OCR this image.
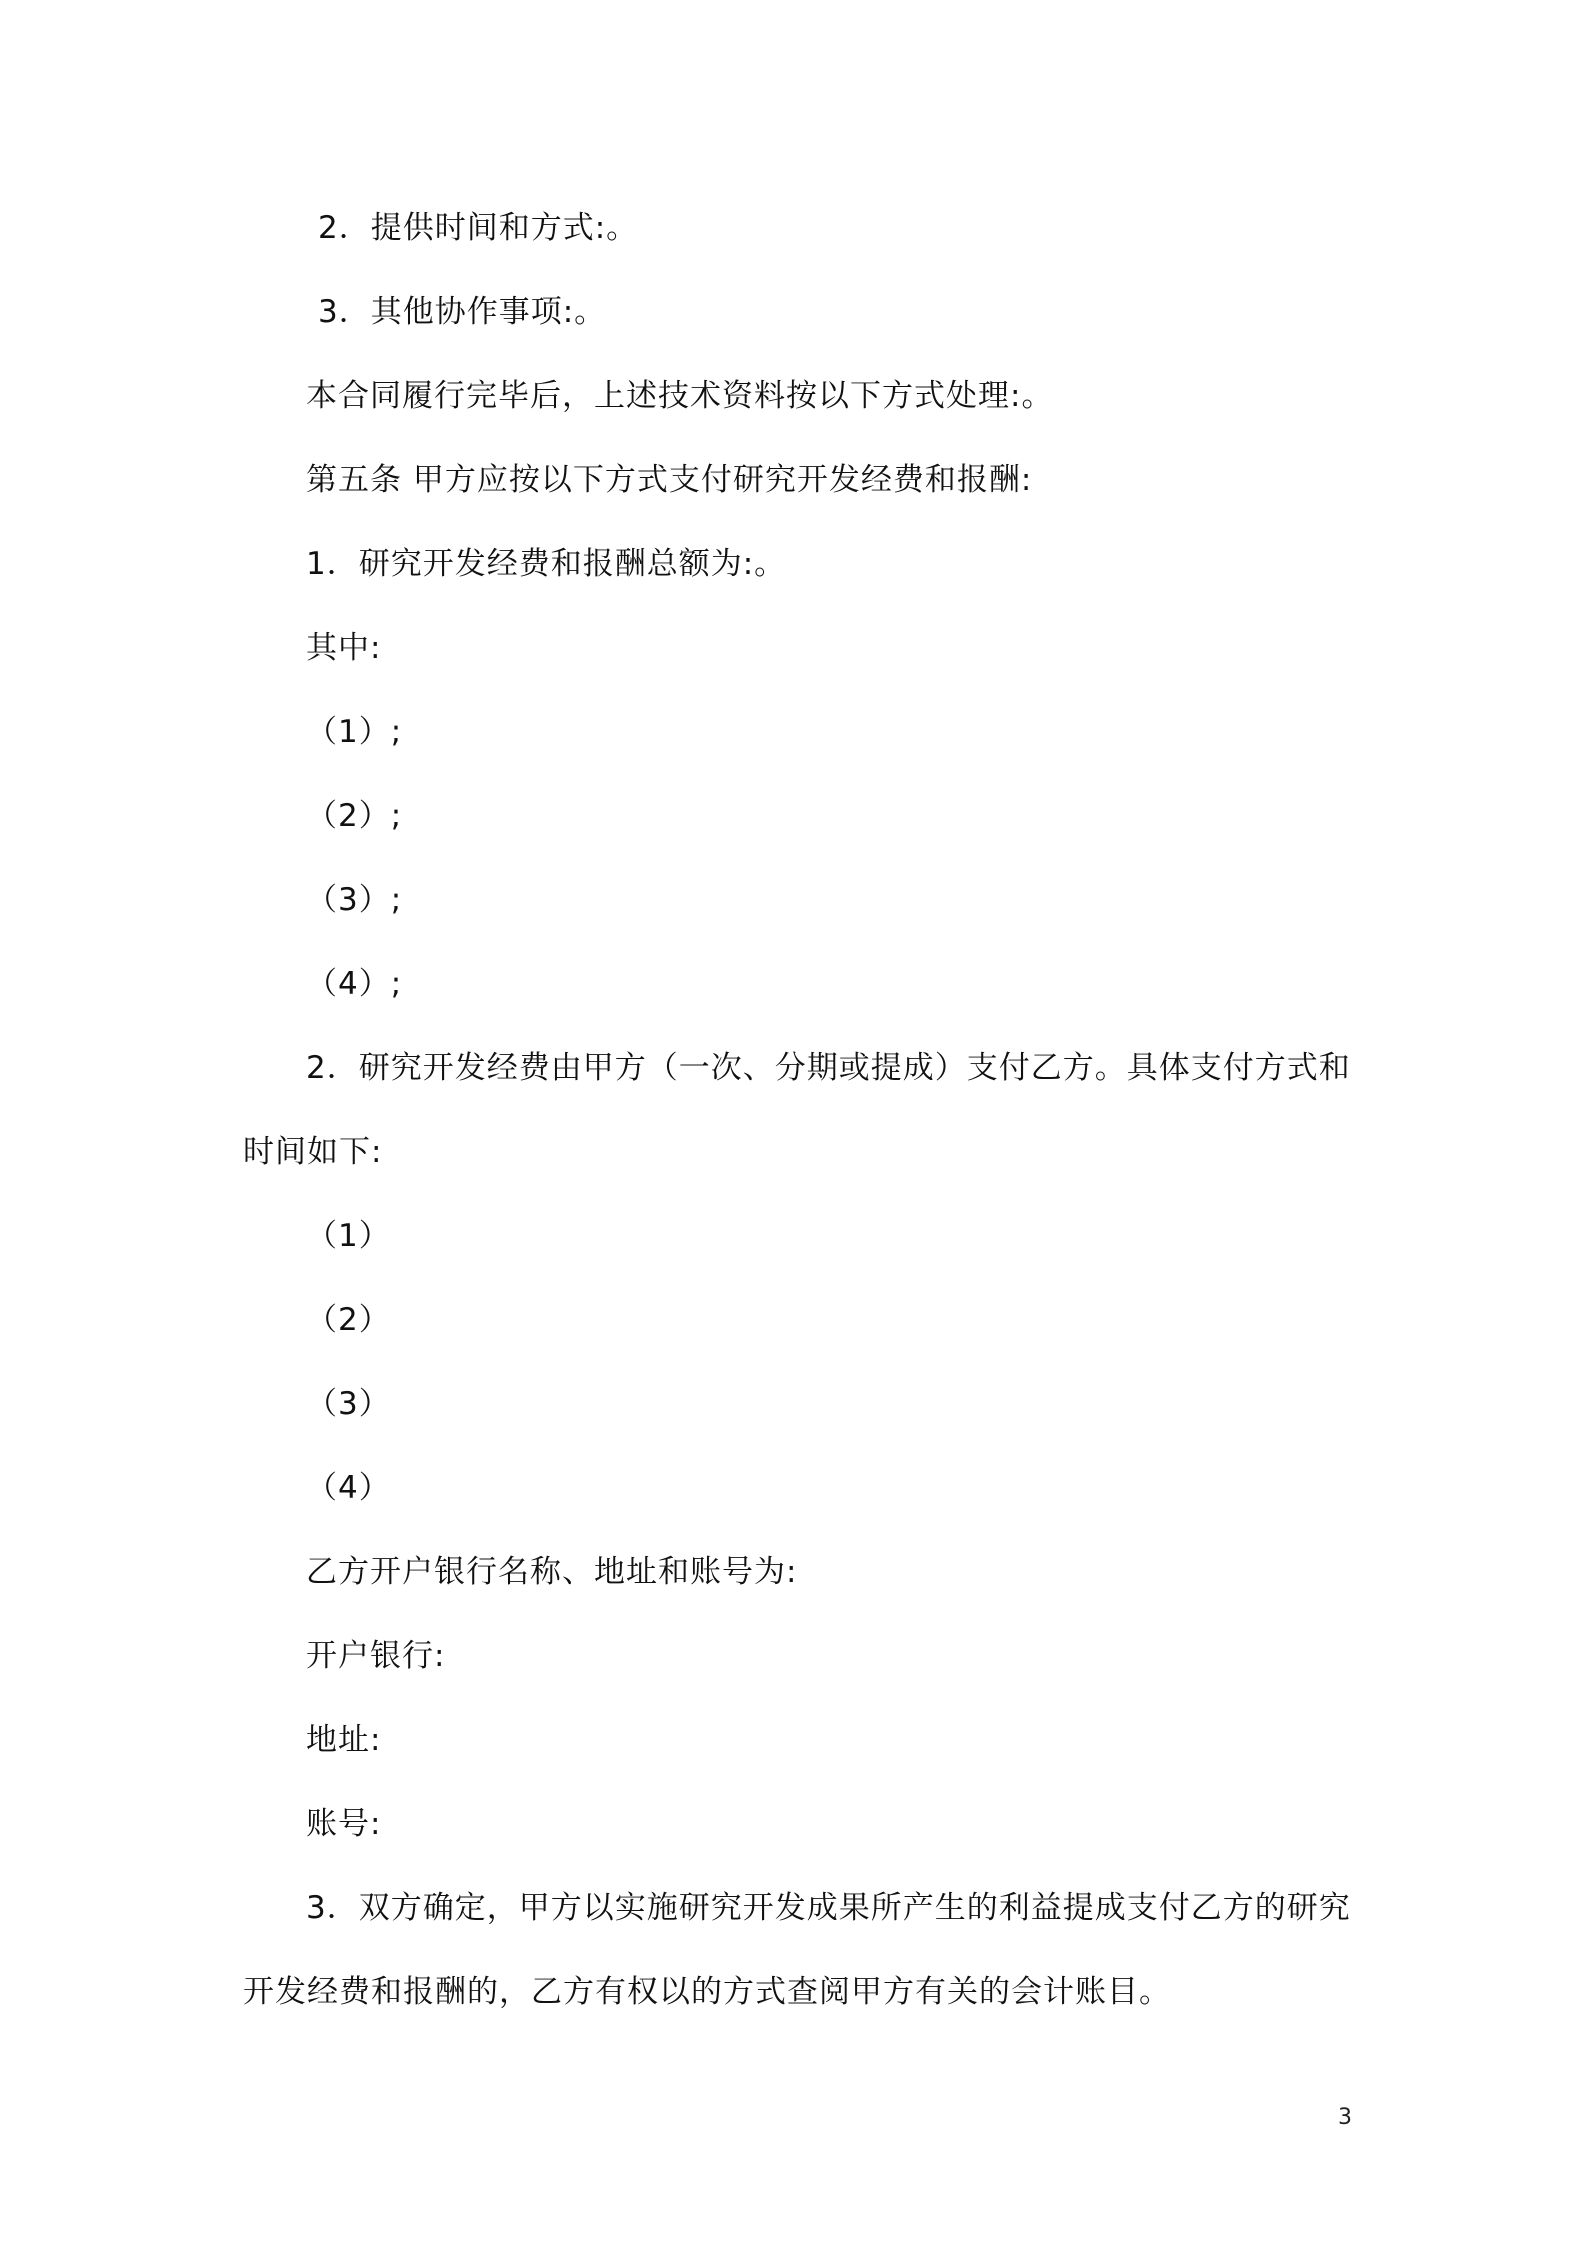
2．提供时间和方式:。
3．其他协作事项:。
本合同履行完毕后，上述技术资料按以下方式处理:。
第五条 甲方应按以下方式支付研究开发经费和报酬:
1．研究开发经费和报酬总额为:。
其中:
（1）;
（2）;
（3）;
（4）;
2．研究开发经费由甲方（一次、分期或提成）支付乙方。具体支付方式和
时间如下:
（1）
（2）
（3）
（4）
乙方开户银行名称、地址和账号为:
开户银行:
地址:
账号:
3．双方确定，甲方以实施研究开发成果所产生的利益提成支付乙方的研究
开发经费和报酬的，乙方有权以的方式查阅甲方有关的会计账目。
3
